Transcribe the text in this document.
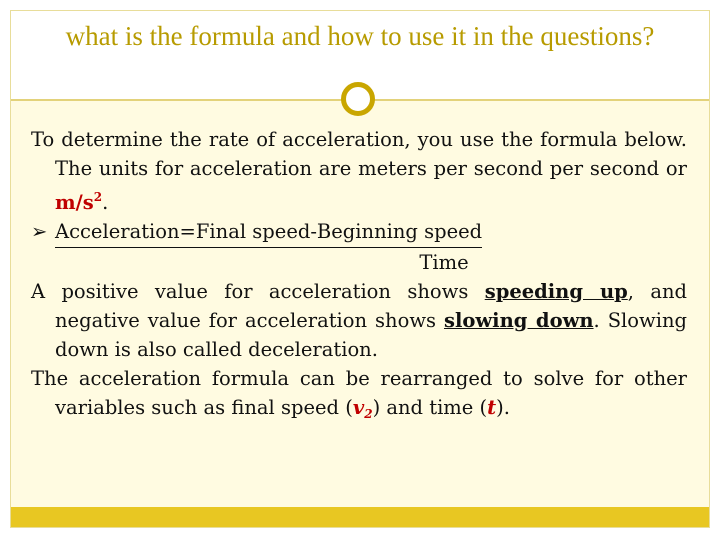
what is the formula and how to use it in the questions?

To determine the rate of acceleration, you use the formula below. The units for acceleration are meters per second per second or $m/s^2$.

➢ Acceleration=Final speed-Beginning speed

Time

A positive value for acceleration shows speeding up, and negative value for acceleration shows slowing down. Slowing down is also called deceleration.

The acceleration formula can be rearranged to solve for other variables such as final speed $(v_2)$ and time (t).
